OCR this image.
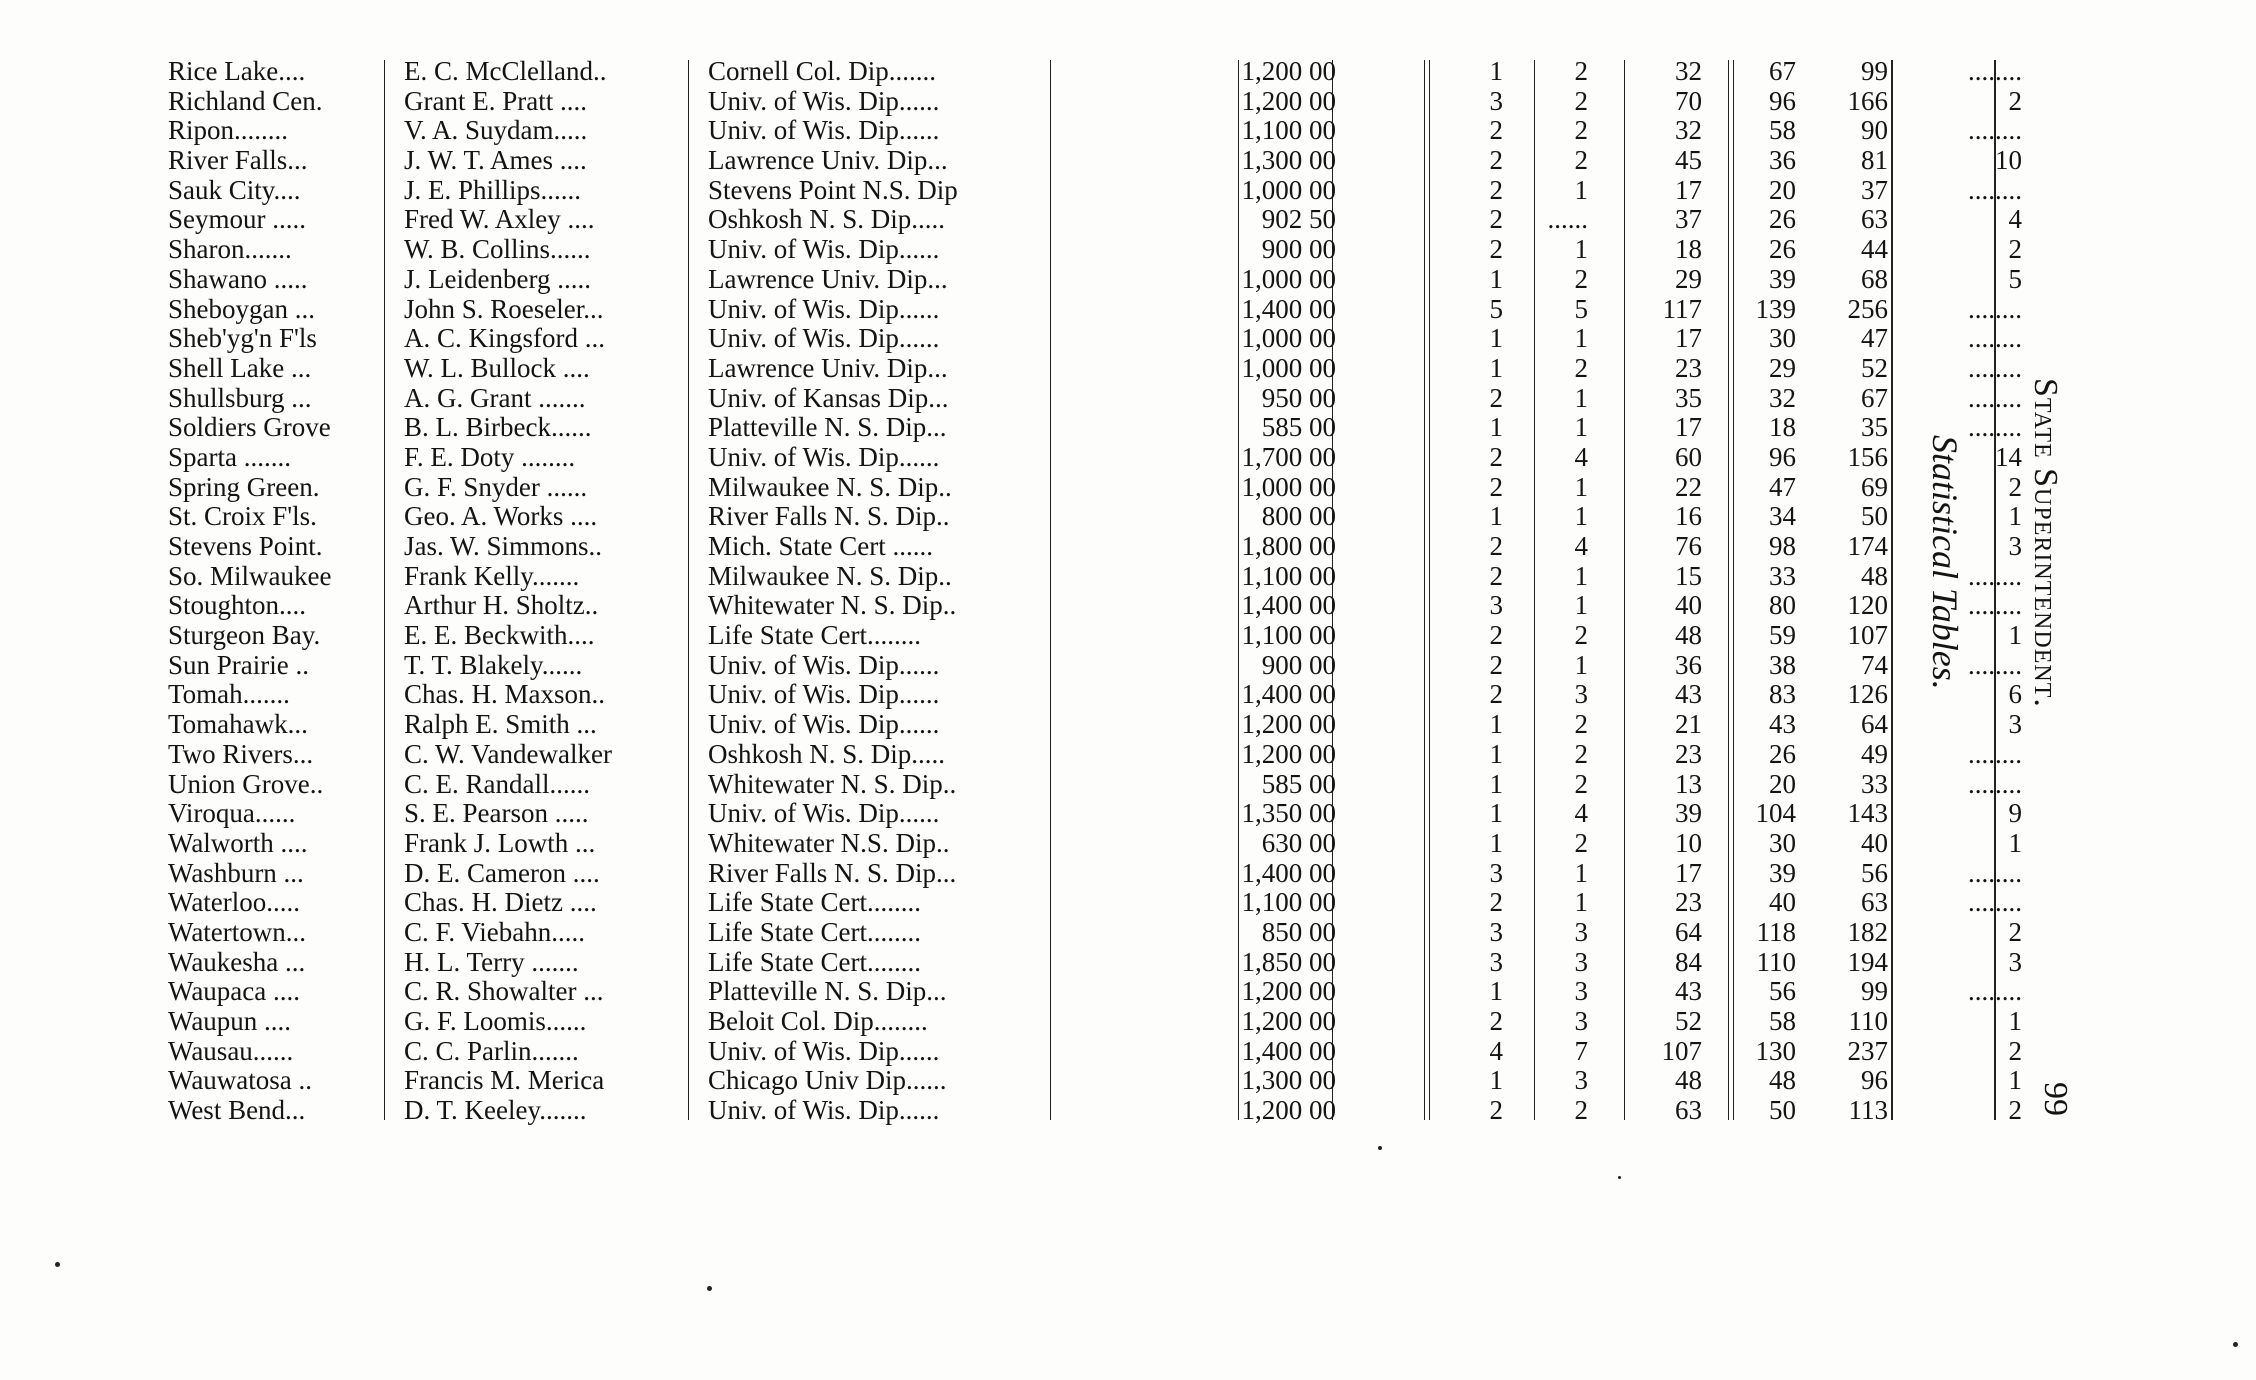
Rice Lake....	E. C. McClelland..	Cornell Col. Dip.......	1,200 00	1	2	32	67	99	........
Richland Cen.	Grant E. Pratt ....	Univ. of Wis. Dip......	1,200 00	3	2	70	96	166	2
Ripon........	V. A. Suydam.....	Univ. of Wis. Dip......	1,100 00	2	2	32	58	90	........
River Falls...	J. W. T. Ames ....	Lawrence Univ. Dip...	1,300 00	2	2	45	36	81	10
Sauk City....	J. E. Phillips......	Stevens Point N.S. Dip	1,000 00	2	1	17	20	37	........
Seymour .....	Fred W. Axley ....	Oshkosh N. S. Dip.....	902 50	2	......	37	26	63	4
Sharon.......	W. B. Collins......	Univ. of Wis. Dip......	900 00	2	1	18	26	44	2
Shawano .....	J. Leidenberg .....	Lawrence Univ. Dip...	1,000 00	1	2	29	39	68	5
Sheboygan ...	John S. Roeseler...	Univ. of Wis. Dip......	1,400 00	5	5	117	139	256	........
Sheb'yg'n F'ls	A. C. Kingsford ...	Univ. of Wis. Dip......	1,000 00	1	1	17	30	47	........
Shell Lake ...	W. L. Bullock ....	Lawrence Univ. Dip...	1,000 00	1	2	23	29	52	........
Shullsburg ...	A. G. Grant .......	Univ. of Kansas Dip...	950 00	2	1	35	32	67	........
Soldiers Grove	B. L. Birbeck......	Platteville N. S. Dip...	585 00	1	1	17	18	35	........
Sparta .......	F. E. Doty ........	Univ. of Wis. Dip......	1,700 00	2	4	60	96	156	14
Spring Green.	G. F. Snyder ......	Milwaukee N. S. Dip..	1,000 00	2	1	22	47	69	2
St. Croix F'ls.	Geo. A. Works ....	River Falls N. S. Dip..	800 00	1	1	16	34	50	1
Stevens Point.	Jas. W. Simmons..	Mich. State Cert ......	1,800 00	2	4	76	98	174	3
So. Milwaukee	Frank Kelly.......	Milwaukee N. S. Dip..	1,100 00	2	1	15	33	48	........
Stoughton....	Arthur H. Sholtz..	Whitewater N. S. Dip..	1,400 00	3	1	40	80	120	........
Sturgeon Bay.	E. E. Beckwith....	Life State Cert........	1,100 00	2	2	48	59	107	1
Sun Prairie ..	T. T. Blakely......	Univ. of Wis. Dip......	900 00	2	1	36	38	74	........
Tomah.......	Chas. H. Maxson..	Univ. of Wis. Dip......	1,400 00	2	3	43	83	126	6
Tomahawk...	Ralph E. Smith ...	Univ. of Wis. Dip......	1,200 00	1	2	21	43	64	3
Two Rivers...	C. W. Vandewalker	Oshkosh N. S. Dip.....	1,200 00	1	2	23	26	49	........
Union Grove..	C. E. Randall......	Whitewater N. S. Dip..	585 00	1	2	13	20	33	........
Viroqua......	S. E. Pearson .....	Univ. of Wis. Dip......	1,350 00	1	4	39	104	143	9
Walworth ....	Frank J. Lowth ...	Whitewater N.S. Dip..	630 00	1	2	10	30	40	1
Washburn ...	D. E. Cameron ....	River Falls N. S. Dip...	1,400 00	3	1	17	39	56	........
Waterloo.....	Chas. H. Dietz ....	Life State Cert........	1,100 00	2	1	23	40	63	........
Watertown...	C. F. Viebahn.....	Life State Cert........	850 00	3	3	64	118	182	2
Waukesha ...	H. L. Terry .......	Life State Cert........	1,850 00	3	3	84	110	194	3
Waupaca ....	C. R. Showalter ...	Platteville N. S. Dip...	1,200 00	1	3	43	56	99	........
Waupun ....	G. F. Loomis......	Beloit Col. Dip........	1,200 00	2	3	52	58	110	1
Wausau......	C. C. Parlin.......	Univ. of Wis. Dip......	1,400 00	4	7	107	130	237	2
Wauwatosa ..	Francis M. Merica	Chicago Univ Dip......	1,300 00	1	3	48	48	96	1
West Bend...	D. T. Keeley.......	Univ. of Wis. Dip......	1,200 00	2	2	63	50	113	2
Statistical Tables. State Superintendent.
99
